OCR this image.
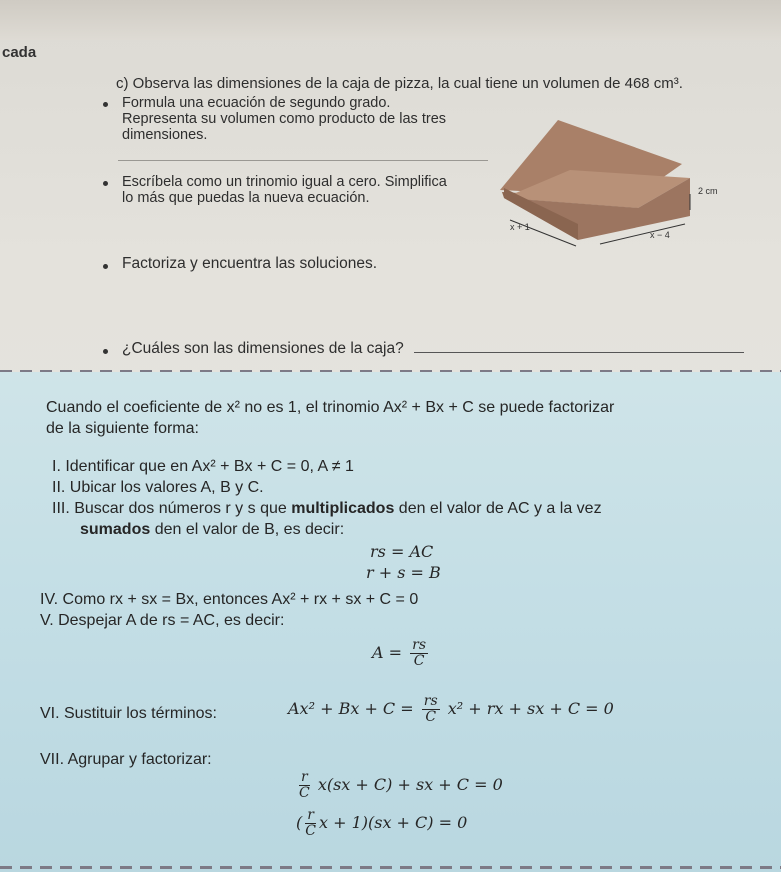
cada
c) Observa las dimensiones de la caja de pizza, la cual tiene un volumen de 468 cm³.
Formula una ecuación de segundo grado.
Representa su volumen como producto de las tres
dimensiones.
Escríbela como un trinomio igual a cero. Simplifica
lo más que puedas la nueva ecuación.	2 cm
x + 1
x − 4
Factoriza y encuentra las soluciones.
¿Cuáles son las dimensiones de la caja?
Cuando el coeficiente de x² no es 1, el trinomio Ax² + Bx + C se puede factorizar
de la siguiente forma:
I. Identificar que en Ax² + Bx + C = 0, A ≠ 1
II. Ubicar los valores A, B y C.
III. Buscar dos números r y s que multiplicados den el valor de AC y a la vez
sumados den el valor de B, es decir:
rs = AC
r + s = B
IV. Como rx + sx = Bx, entonces Ax² + rx + sx + C = 0
V. Despejar A de rs = AC, es decir:
$A = \frac{rs}{C}$
VI. Sustituir los términos:	$Ax^2 + Bx + C = \frac{rs}{C} x^2$ + rx + sx + C = 0
VII. Agrupar y factorizar:
$\frac{r}{C} x(sx + C)$ + sx + C = 0
( $\frac{r}{C}$ x + 1)(sx + C) = 0
